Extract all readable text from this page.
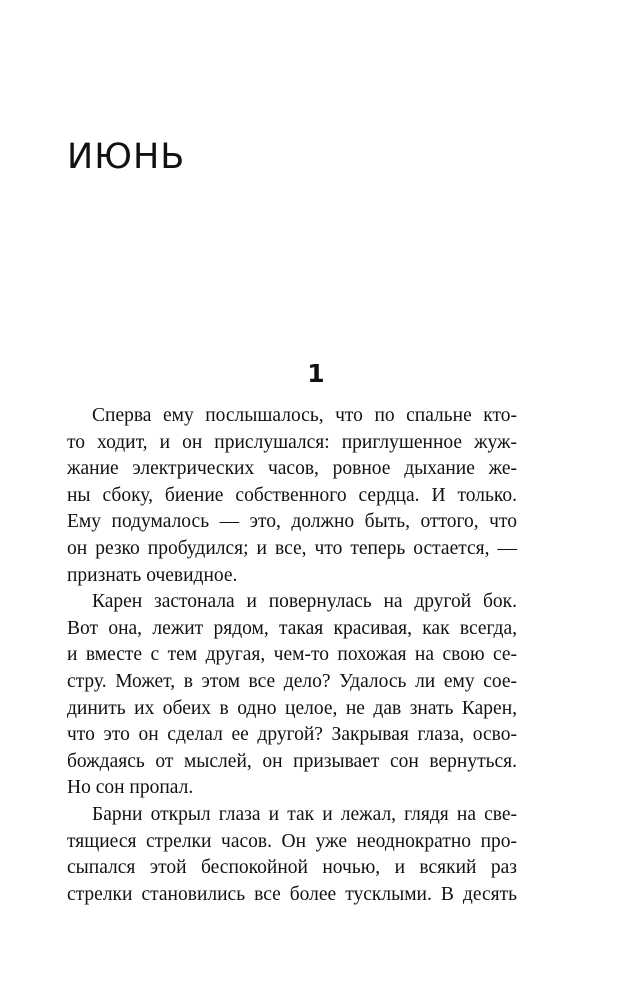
ИЮНЬ
1
Сперва ему послышалось, что по спальне кто-
то ходит, и он прислушался: приглушенное жуж-
жание электрических часов, ровное дыхание же-
ны сбоку, биение собственного сердца. И только.
Ему подумалось — это, должно быть, оттого, что
он резко пробудился; и все, что теперь остается, —
признать очевидное.
Карен застонала и повернулась на другой бок.
Вот она, лежит рядом, такая красивая, как всегда,
и вместе с тем другая, чем-то похожая на свою се-
стру. Может, в этом все дело? Удалось ли ему сое-
динить их обеих в одно целое, не дав знать Карен,
что это он сделал ее другой? Закрывая глаза, осво-
бождаясь от мыслей, он призывает сон вернуться.
Но сон пропал.
Барни открыл глаза и так и лежал, глядя на све-
тящиеся стрелки часов. Он уже неоднократно про-
сыпался этой беспокойной ночью, и всякий раз
стрелки становились все более тусклыми. В десять
